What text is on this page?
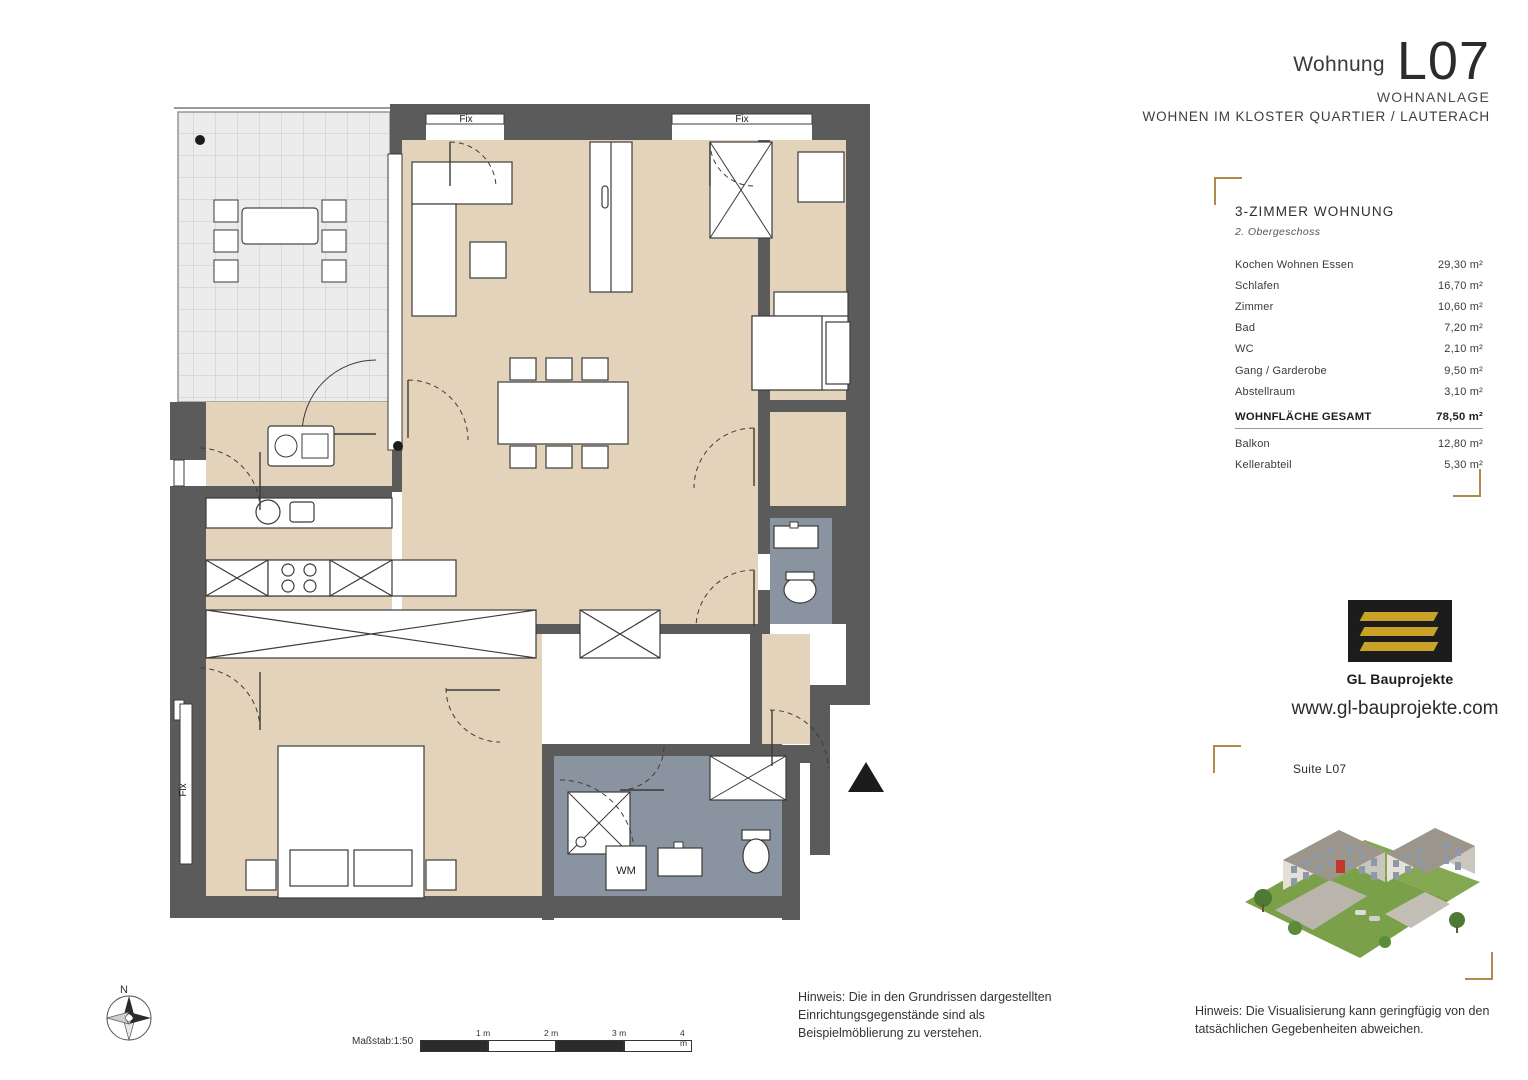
Wohnung L07
WOHNANLAGE
WOHNEN IM KLOSTER QUARTIER / LAUTERACH
3-ZIMMER WOHNUNG
2. Obergeschoss
Kochen Wohnen Essen	29,30 m²
Schlafen	16,70 m²
Zimmer	10,60 m²
Bad	7,20 m²
WC	2,10 m²
Gang / Garderobe	9,50 m²
Abstellraum	3,10 m²
WOHNFLÄCHE GESAMT	78,50 m²

Balkon	12,80 m²
Kellerabteil	5,30 m²
GL Bauprojekte
www.gl-bauprojekte.com
Suite L07
Hinweis: Die Visualisierung kann geringfügig von den tatsächlichen Gegebenheiten abweichen.
Hinweis: Die in den Grundrissen dargestellten Einrichtungsgegenstände sind als Beispielmöblierung zu verstehen.
Maßstab:1:50
1 m	2 m	3 m	4 m
N
WM
Fix	Fix
Fix
